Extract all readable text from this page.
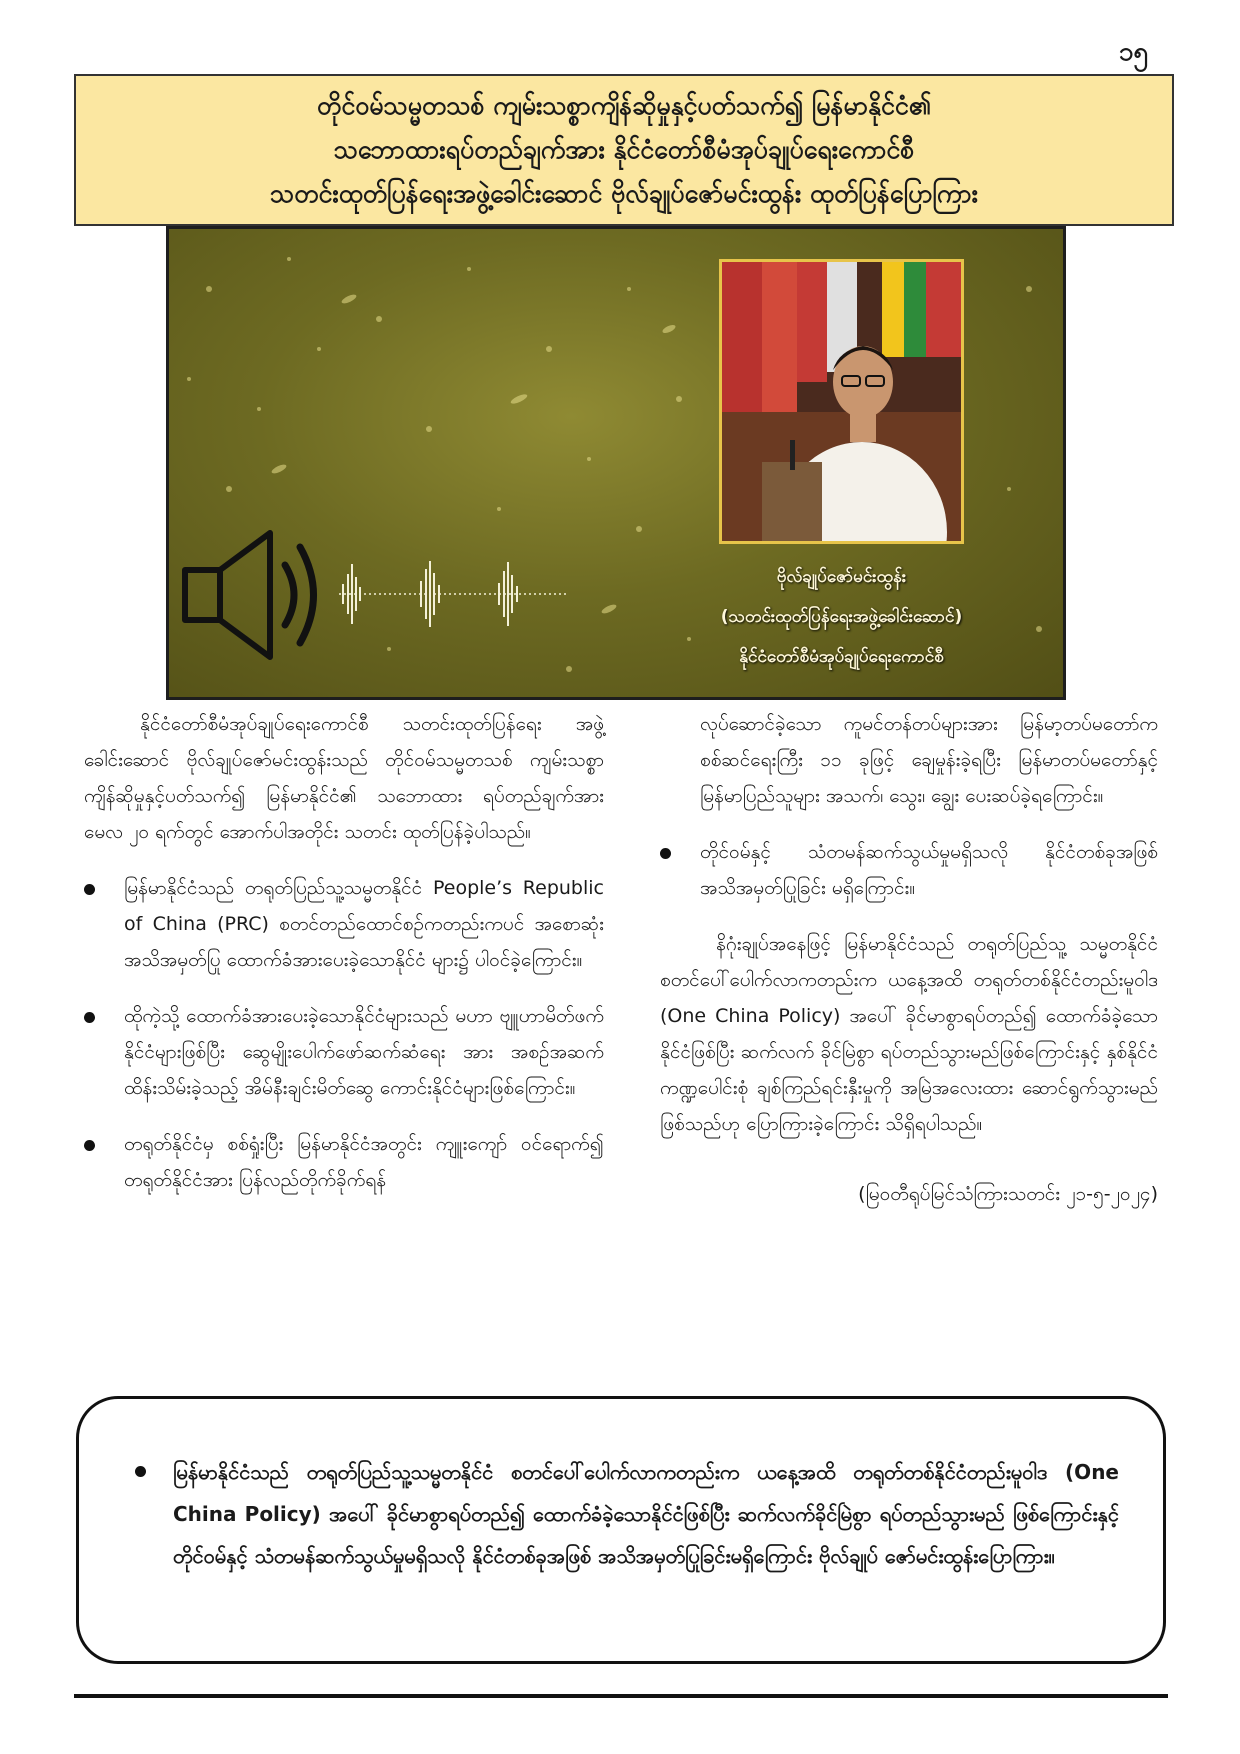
၁၅
တိုင်ဝမ်သမ္မတသစ် ကျမ်းသစ္စာကျိန်ဆိုမှုနှင့်ပတ်သက်၍ မြန်မာနိုင်ငံ၏
သဘောထားရပ်တည်ချက်အား နိုင်ငံတော်စီမံအုပ်ချုပ်ရေးကောင်စီ
သတင်းထုတ်ပြန်ရေးအဖွဲ့ခေါင်းဆောင် ဗိုလ်ချုပ်ဇော်မင်းထွန်း ထုတ်ပြန်ပြောကြား
ဗိုလ်ချုပ်ဇော်မင်းထွန်း
(သတင်းထုတ်ပြန်ရေးအဖွဲ့ခေါင်းဆောင်)
နိုင်ငံတော်စီမံအုပ်ချုပ်ရေးကောင်စီ

နိုင်ငံတော်စီမံအုပ်ချုပ်ရေးကောင်စီ သတင်းထုတ်ပြန်ရေး အဖွဲ့ခေါင်းဆောင် ဗိုလ်ချုပ်ဇော်မင်းထွန်းသည် တိုင်ဝမ်သမ္မတသစ် ကျမ်းသစ္စာကျိန်ဆိုမှုနှင့်ပတ်သက်၍ မြန်မာနိုင်ငံ၏ သဘောထား ရပ်တည်ချက်အား မေလ ၂၀ ရက်တွင် အောက်ပါအတိုင်း သတင်း ထုတ်ပြန်ခဲ့ပါသည်။

မြန်မာနိုင်ငံသည် တရုတ်ပြည်သူ့သမ္မတနိုင်ငံ People’s Republic of China (PRC) စတင်တည်ထောင်စဉ်ကတည်းကပင် အစောဆုံးအသိအမှတ်ပြု ထောက်ခံအားပေးခဲ့သောနိုင်ငံ များ၌ ပါဝင်ခဲ့ကြောင်း။
ထိုကဲ့သို့ ထောက်ခံအားပေးခဲ့သောနိုင်ငံများသည် မဟာ ဗျူဟာမိတ်ဖက်နိုင်ငံများဖြစ်ပြီး ဆွေမျိုးပေါက်ဖော်ဆက်ဆံရေး အား အစဉ်အဆက်ထိန်းသိမ်းခဲ့သည့် အိမ်နီးချင်းမိတ်ဆွေ ကောင်းနိုင်ငံများဖြစ်ကြောင်း။
တရုတ်နိုင်ငံမှ စစ်ရှုံးပြီး မြန်မာနိုင်ငံအတွင်း ကျူးကျော် ဝင်ရောက်၍ တရုတ်နိုင်ငံအား ပြန်လည်တိုက်ခိုက်ရန်

လုပ်ဆောင်ခဲ့သော ကူမင်တန်တပ်များအား မြန်မာ့တပ်မတော်က စစ်ဆင်ရေးကြီး ၁၁ ခုဖြင့် ချေမှုန်းခဲ့ရပြီး မြန်မာတပ်မတော်နှင့် မြန်မာပြည်သူများ အသက်၊ သွေး၊ ချွေး ပေးဆပ်ခဲ့ရကြောင်း။

တိုင်ဝမ်နှင့် သံတမန်ဆက်သွယ်မှုမရှိသလို နိုင်ငံတစ်ခုအဖြစ် အသိအမှတ်ပြုခြင်း မရှိကြောင်း။

နိဂုံးချုပ်အနေဖြင့် မြန်မာနိုင်ငံသည် တရုတ်ပြည်သူ့ သမ္မတနိုင်ငံ စတင်ပေါ်ပေါက်လာကတည်းက ယနေ့အထိ တရုတ်တစ်နိုင်ငံတည်းမူဝါဒ (One China Policy) အပေါ် ခိုင်မာစွာရပ်တည်၍ ထောက်ခံခဲ့သောနိုင်ငံဖြစ်ပြီး ဆက်လက် ခိုင်မြဲစွာ ရပ်တည်သွားမည်ဖြစ်ကြောင်းနှင့် နှစ်နိုင်ငံကဏ္ဍပေါင်းစုံ ချစ်ကြည်ရင်းနှီးမှုကို အမြဲအလေးထား ဆောင်ရွက်သွားမည် ဖြစ်သည်ဟု ပြောကြားခဲ့ကြောင်း သိရှိရပါသည်။

(မြဝတီရုပ်မြင်သံကြားသတင်း ၂၁-၅-၂၀၂၄)

မြန်မာနိုင်ငံသည် တရုတ်ပြည်သူ့သမ္မတနိုင်ငံ စတင်ပေါ်ပေါက်လာကတည်းက ယနေ့အထိ တရုတ်တစ်နိုင်ငံတည်းမူဝါဒ (One China Policy) အပေါ် ခိုင်မာစွာရပ်တည်၍ ထောက်ခံခဲ့သောနိုင်ငံဖြစ်ပြီး ဆက်လက်ခိုင်မြဲစွာ ရပ်တည်သွားမည် ဖြစ်ကြောင်းနှင့် တိုင်ဝမ်နှင့် သံတမန်ဆက်သွယ်မှုမရှိသလို နိုင်ငံတစ်ခုအဖြစ် အသိအမှတ်ပြုခြင်းမရှိကြောင်း ဗိုလ်ချုပ် ဇော်မင်းထွန်းပြောကြား။
